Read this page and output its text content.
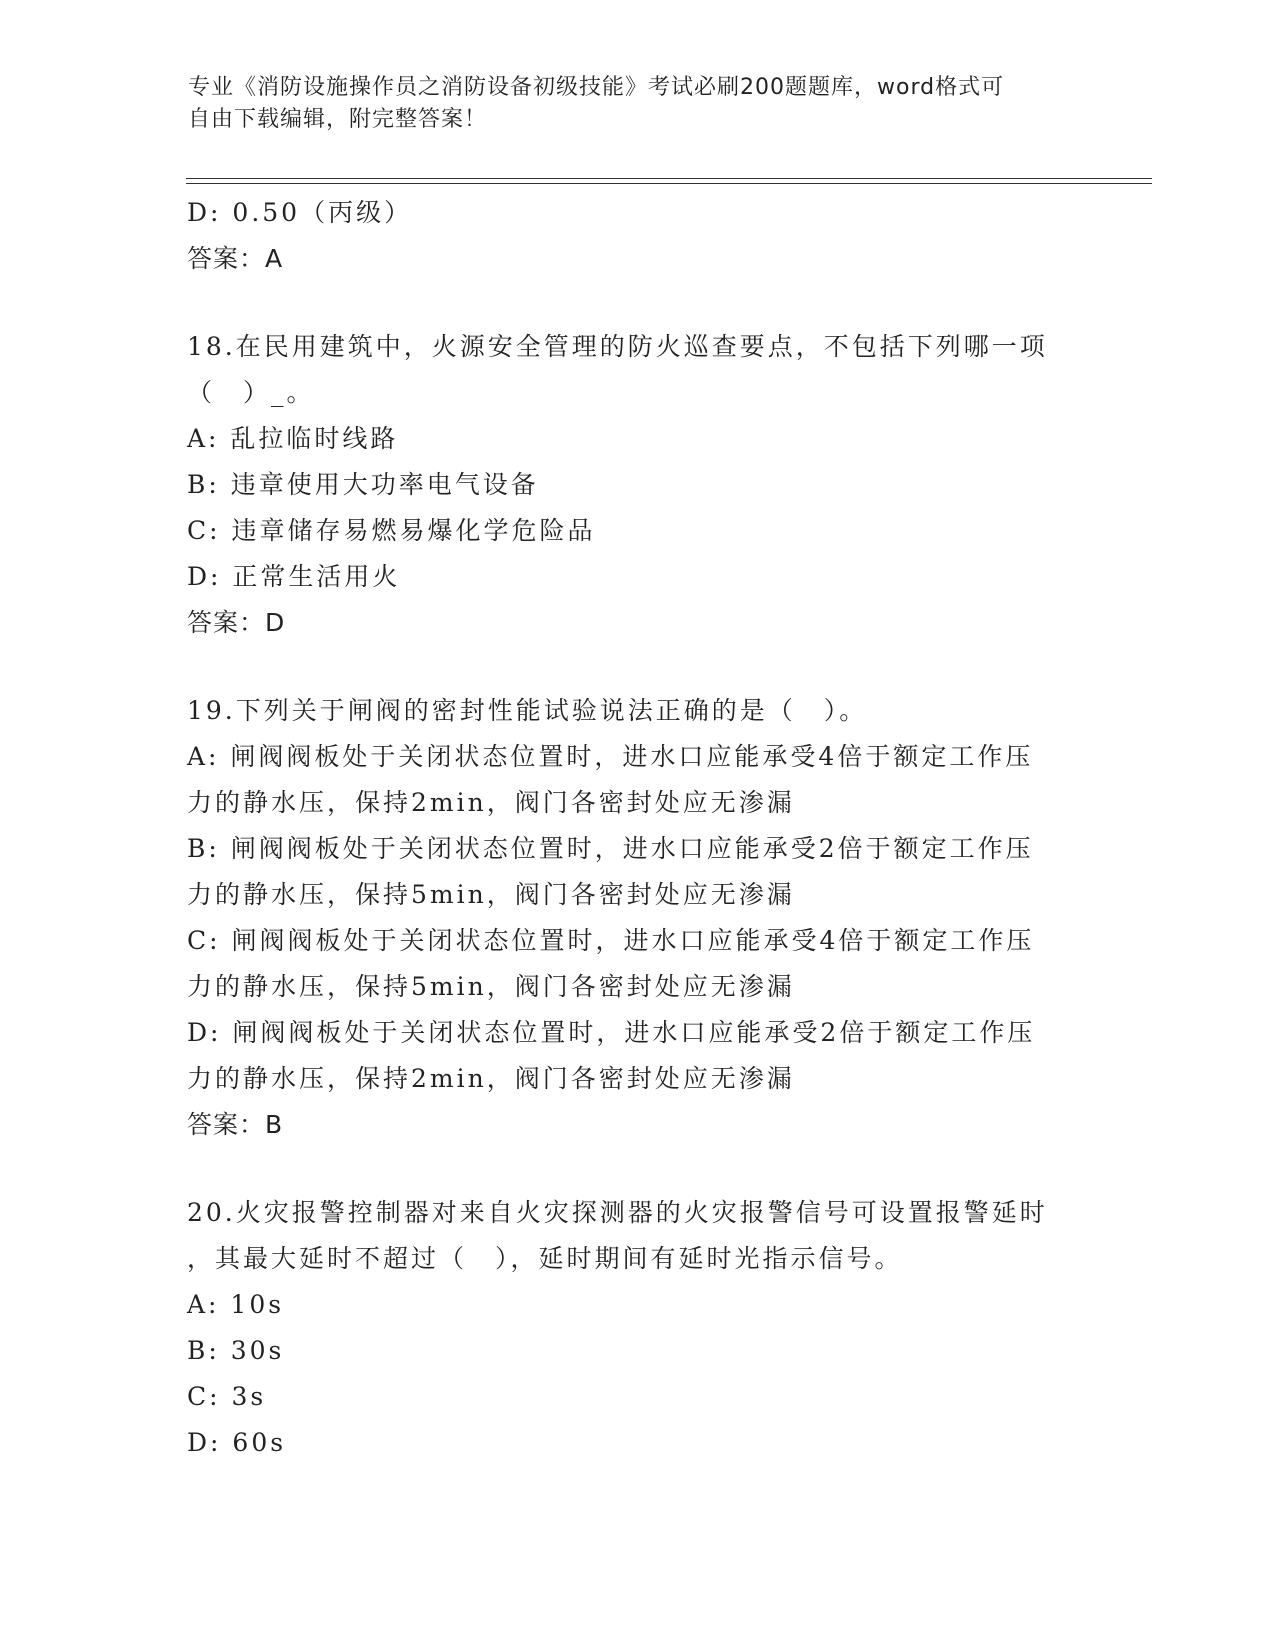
专业《消防设施操作员之消防设备初级技能》考试必刷200题题库，word格式可
自由下载编辑，附完整答案！
D: 0.50（丙级）
答案：A
18.在民用建筑中，火源安全管理的防火巡查要点，不包括下列哪一项
（　）_。
A: 乱拉临时线路
B: 违章使用大功率电气设备
C: 违章储存易燃易爆化学危险品
D: 正常生活用火
答案：D
19.下列关于闸阀的密封性能试验说法正确的是（　）。
A: 闸阀阀板处于关闭状态位置时，进水口应能承受4倍于额定工作压
力的静水压，保持2min，阀门各密封处应无渗漏
B: 闸阀阀板处于关闭状态位置时，进水口应能承受2倍于额定工作压
力的静水压，保持5min，阀门各密封处应无渗漏
C: 闸阀阀板处于关闭状态位置时，进水口应能承受4倍于额定工作压
力的静水压，保持5min，阀门各密封处应无渗漏
D: 闸阀阀板处于关闭状态位置时，进水口应能承受2倍于额定工作压
力的静水压，保持2min，阀门各密封处应无渗漏
答案：B
20.火灾报警控制器对来自火灾探测器的火灾报警信号可设置报警延时
，其最大延时不超过（　），延时期间有延时光指示信号。
A: 10s
B: 30s
C: 3s
D: 60s
